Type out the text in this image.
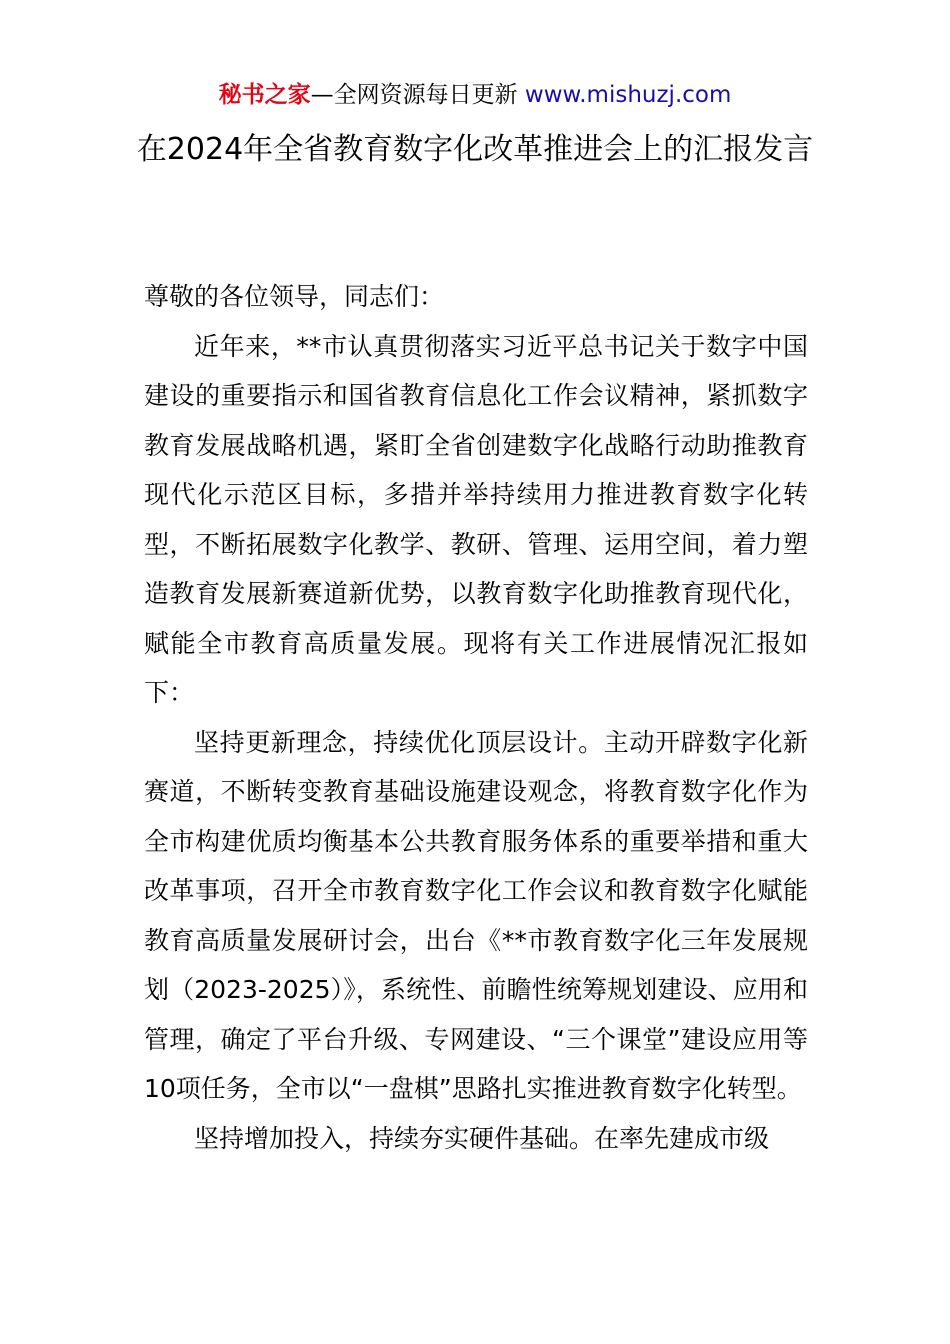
秘书之家—全网资源每日更新 www.mishuzj.com
在2024年全省教育数字化改革推进会上的汇报发言

尊敬的各位领导，同志们：

近年来，**市认真贯彻落实习近平总书记关于数字中国建设的重要指示和国省教育信息化工作会议精神，紧抓数字教育发展战略机遇，紧盯全省创建数字化战略行动助推教育现代化示范区目标，多措并举持续用力推进教育数字化转型，不断拓展数字化教学、教研、管理、运用空间，着力塑造教育发展新赛道新优势，以教育数字化助推教育现代化，赋能全市教育高质量发展。现将有关工作进展情况汇报如下：

坚持更新理念，持续优化顶层设计。主动开辟数字化新赛道，不断转变教育基础设施建设观念，将教育数字化作为全市构建优质均衡基本公共教育服务体系的重要举措和重大改革事项，召开全市教育数字化工作会议和教育数字化赋能教育高质量发展研讨会，出台《**市教育数字化三年发展规划（2023-2025）》，系统性、前瞻性统筹规划建设、应用和管理，确定了平台升级、专网建设、“三个课堂”建设应用等10项任务，全市以“一盘棋”思路扎实推进教育数字化转型。

坚持增加投入，持续夯实硬件基础。在率先建成市级
